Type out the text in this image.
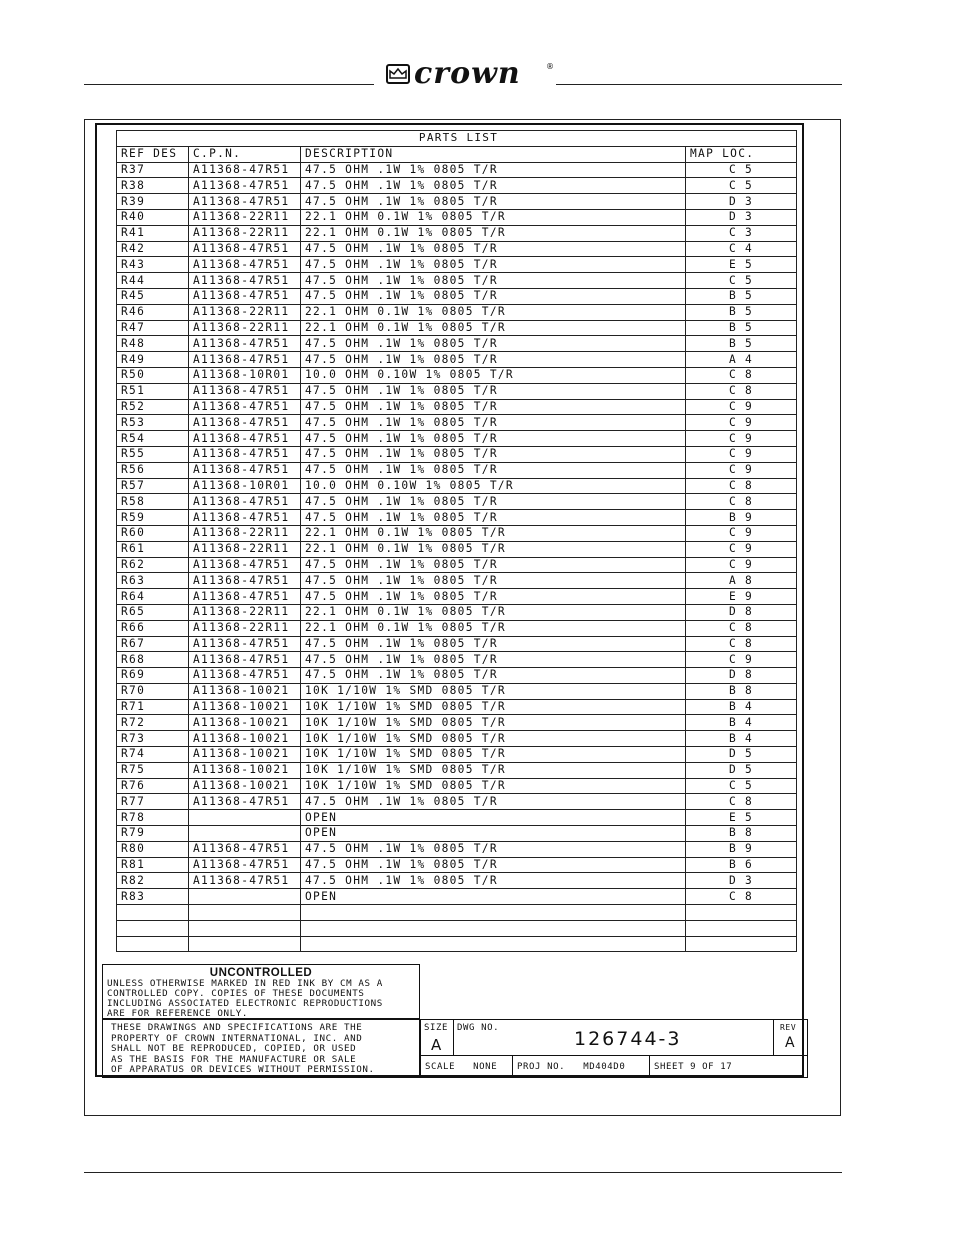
crown	®
PARTS LIST			
REF DES	C.P.N.	DESCRIPTION	MAP LOC.
R37	A11368-47R51	47.5 OHM .1W 1% 0805 T/R	C 5
R38	A11368-47R51	47.5 OHM .1W 1% 0805 T/R	C 5
R39	A11368-47R51	47.5 OHM .1W 1% 0805 T/R	D 3
R40	A11368-22R11	22.1 OHM 0.1W 1% 0805 T/R	D 3
R41	A11368-22R11	22.1 OHM 0.1W 1% 0805 T/R	C 3
R42	A11368-47R51	47.5 OHM .1W 1% 0805 T/R	C 4
R43	A11368-47R51	47.5 OHM .1W 1% 0805 T/R	E 5
R44	A11368-47R51	47.5 OHM .1W 1% 0805 T/R	C 5
R45	A11368-47R51	47.5 OHM .1W 1% 0805 T/R	B 5
R46	A11368-22R11	22.1 OHM 0.1W 1% 0805 T/R	B 5
R47	A11368-22R11	22.1 OHM 0.1W 1% 0805 T/R	B 5
R48	A11368-47R51	47.5 OHM .1W 1% 0805 T/R	B 5
R49	A11368-47R51	47.5 OHM .1W 1% 0805 T/R	A 4
R50	A11368-10R01	10.0 OHM 0.10W 1% 0805 T/R	C 8
R51	A11368-47R51	47.5 OHM .1W 1% 0805 T/R	C 8
R52	A11368-47R51	47.5 OHM .1W 1% 0805 T/R	C 9
R53	A11368-47R51	47.5 OHM .1W 1% 0805 T/R	C 9
R54	A11368-47R51	47.5 OHM .1W 1% 0805 T/R	C 9
R55	A11368-47R51	47.5 OHM .1W 1% 0805 T/R	C 9
R56	A11368-47R51	47.5 OHM .1W 1% 0805 T/R	C 9
R57	A11368-10R01	10.0 OHM 0.10W 1% 0805 T/R	C 8
R58	A11368-47R51	47.5 OHM .1W 1% 0805 T/R	C 8
R59	A11368-47R51	47.5 OHM .1W 1% 0805 T/R	B 9
R60	A11368-22R11	22.1 OHM 0.1W 1% 0805 T/R	C 9
R61	A11368-22R11	22.1 OHM 0.1W 1% 0805 T/R	C 9
R62	A11368-47R51	47.5 OHM .1W 1% 0805 T/R	C 9
R63	A11368-47R51	47.5 OHM .1W 1% 0805 T/R	A 8
R64	A11368-47R51	47.5 OHM .1W 1% 0805 T/R	E 9
R65	A11368-22R11	22.1 OHM 0.1W 1% 0805 T/R	D 8
R66	A11368-22R11	22.1 OHM 0.1W 1% 0805 T/R	C 8
R67	A11368-47R51	47.5 OHM .1W 1% 0805 T/R	C 8
R68	A11368-47R51	47.5 OHM .1W 1% 0805 T/R	C 9
R69	A11368-47R51	47.5 OHM .1W 1% 0805 T/R	D 8
R70	A11368-10021	10K 1/10W 1% SMD 0805 T/R	B 8
R71	A11368-10021	10K 1/10W 1% SMD 0805 T/R	B 4
R72	A11368-10021	10K 1/10W 1% SMD 0805 T/R	B 4
R73	A11368-10021	10K 1/10W 1% SMD 0805 T/R	B 4
R74	A11368-10021	10K 1/10W 1% SMD 0805 T/R	D 5
R75	A11368-10021	10K 1/10W 1% SMD 0805 T/R	D 5
R76	A11368-10021	10K 1/10W 1% SMD 0805 T/R	C 5
R77	A11368-47R51	47.5 OHM .1W 1% 0805 T/R	C 8
R78		OPEN	E 5
R79		OPEN	B 8
R80	A11368-47R51	47.5 OHM .1W 1% 0805 T/R	B 9
R81	A11368-47R51	47.5 OHM .1W 1% 0805 T/R	B 6
R82	A11368-47R51	47.5 OHM .1W 1% 0805 T/R	D 3
R83		OPEN	C 8

UNCONTROLLED
UNLESS OTHERWISE MARKED IN RED INK BY CM AS A
CONTROLLED COPY. COPIES OF THESE DOCUMENTS
INCLUDING ASSOCIATED ELECTRONIC REPRODUCTIONS
ARE FOR REFERENCE ONLY.
THESE DRAWINGS AND SPECIFICATIONS ARE THE
PROPERTY OF CROWN INTERNATIONAL, INC. AND
SHALL NOT BE REPRODUCED, COPIED, OR USED
AS THE BASIS FOR THE MANUFACTURE OR SALE
OF APPARATUS OR DEVICES WITHOUT PERMISSION.
SIZE
A
DWG NO.	126744-3
REV
A
SCALE   NONE PROJ NO.   MD404D0	SHEET 9 OF 17
